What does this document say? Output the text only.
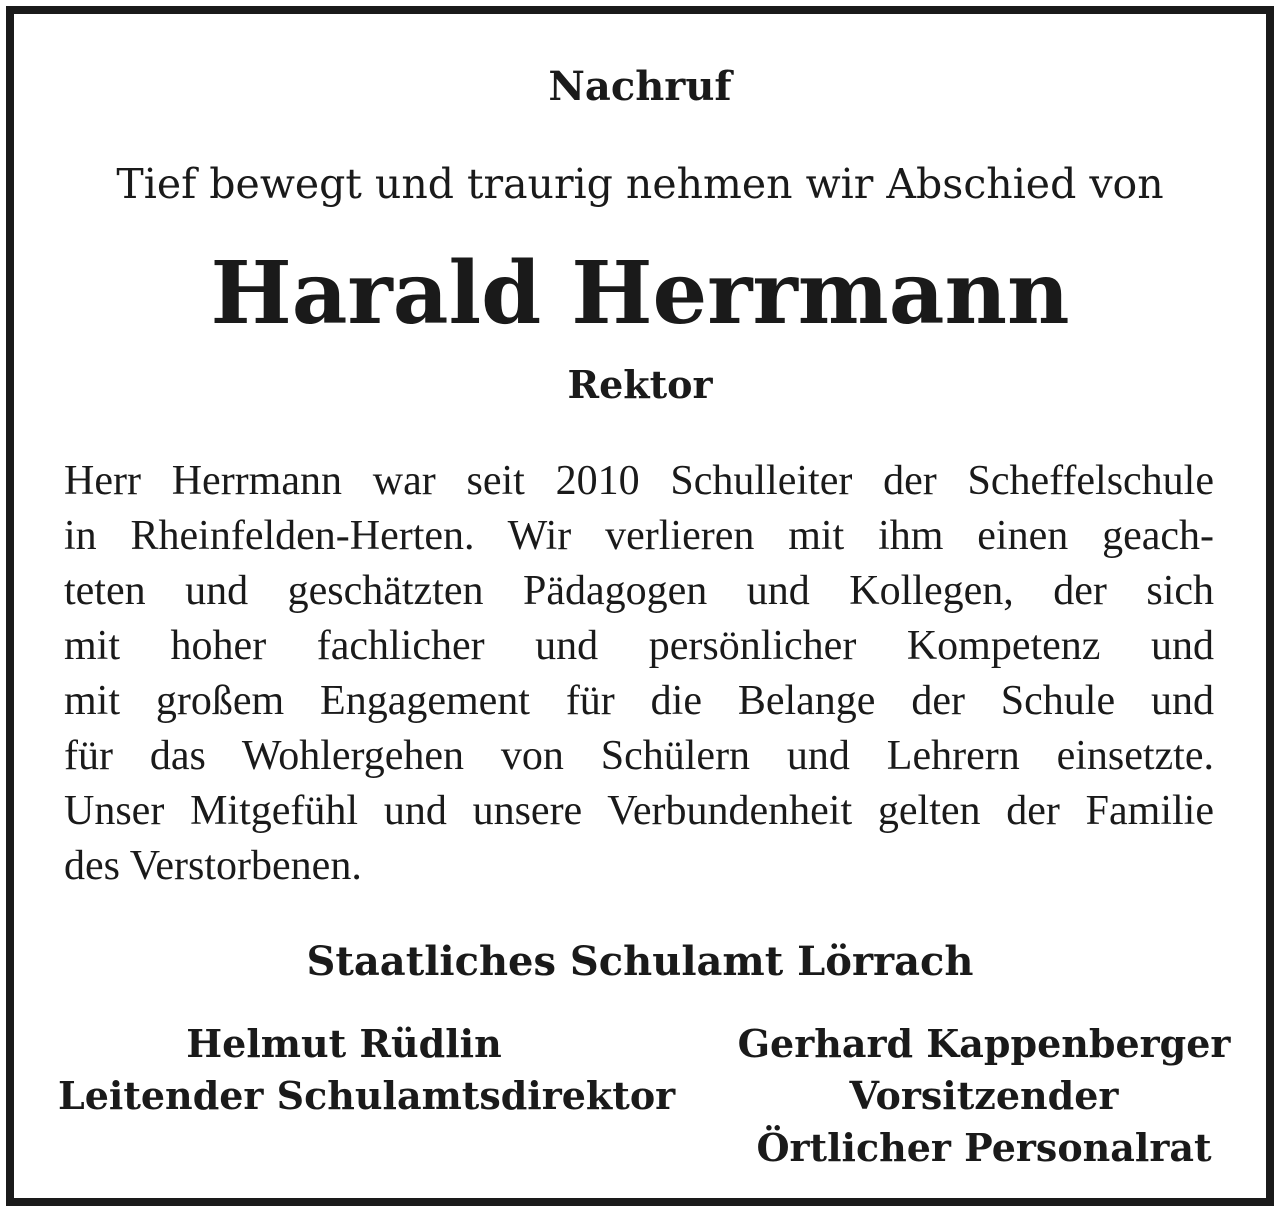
Nachruf
Tief bewegt und traurig nehmen wir Abschied von
Harald Herrmann
Rektor
Herr Herrmann war seit 2010 Schulleiter der Scheffelschule
in Rheinfelden-Herten. Wir verlieren mit ihm einen geach-
teten und geschätzten Pädagogen und Kollegen, der sich
mit hoher fachlicher und persönlicher Kompetenz und
mit großem Engagement für die Belange der Schule und
für das Wohlergehen von Schülern und Lehrern einsetzte.
Unser Mitgefühl und unsere Verbundenheit gelten der Familie
des Verstorbenen.
Staatliches Schulamt Lörrach
Helmut Rüdlin
Leitender Schulamtsdirektor
Gerhard Kappenberger
Vorsitzender
Örtlicher Personalrat
